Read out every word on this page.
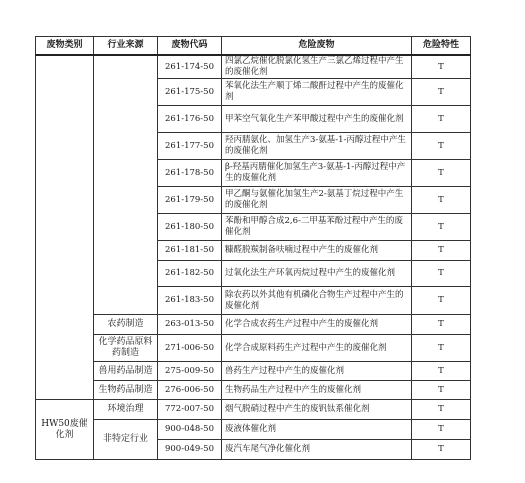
废物类别	行业来源	废物代码	危险废物	危险特性
		261-174-50	四氯乙烷催化脱氯化氢生产三氯乙烯过程中产生的废催化剂	T
		261-175-50	苯氧化法生产顺丁烯二酸酐过程中产生的废催化剂	T
		261-176-50	甲苯空气氧化生产苯甲酸过程中产生的废催化剂	T
		261-177-50	羟丙腈氨化、加氢生产3-氨基-1-丙醇过程中产生的废催化剂	T
		261-178-50	β-羟基丙腈催化加氢生产3-氨基-1-丙醇过程中产生的废催化剂	T
		261-179-50	甲乙酮与氨催化加氢生产2-氨基丁烷过程中产生的废催化剂	T
		261-180-50	苯酚和甲醇合成2,6-二甲基苯酚过程中产生的废催化剂	T
		261-181-50	糠醛脱羰制备呋喃过程中产生的废催化剂	T
		261-182-50	过氧化法生产环氧丙烷过程中产生的废催化剂	T
		261-183-50	除农药以外其他有机磷化合物生产过程中产生的废催化剂	T
	农药制造	263-013-50	化学合成农药生产过程中产生的废催化剂	T
	化学药品原料药制造	271-006-50	化学合成原料药生产过程中产生的废催化剂	T
	兽用药品制造	275-009-50	兽药生产过程中产生的废催化剂	T
	生物药品制造	276-006-50	生物药品生产过程中产生的废催化剂	T
HW50废催化剂	环境治理	772-007-50	烟气脱硝过程中产生的废钒钛系催化剂	T
	非特定行业	900-048-50	废液体催化剂	T
		900-049-50	废汽车尾气净化催化剂	T
